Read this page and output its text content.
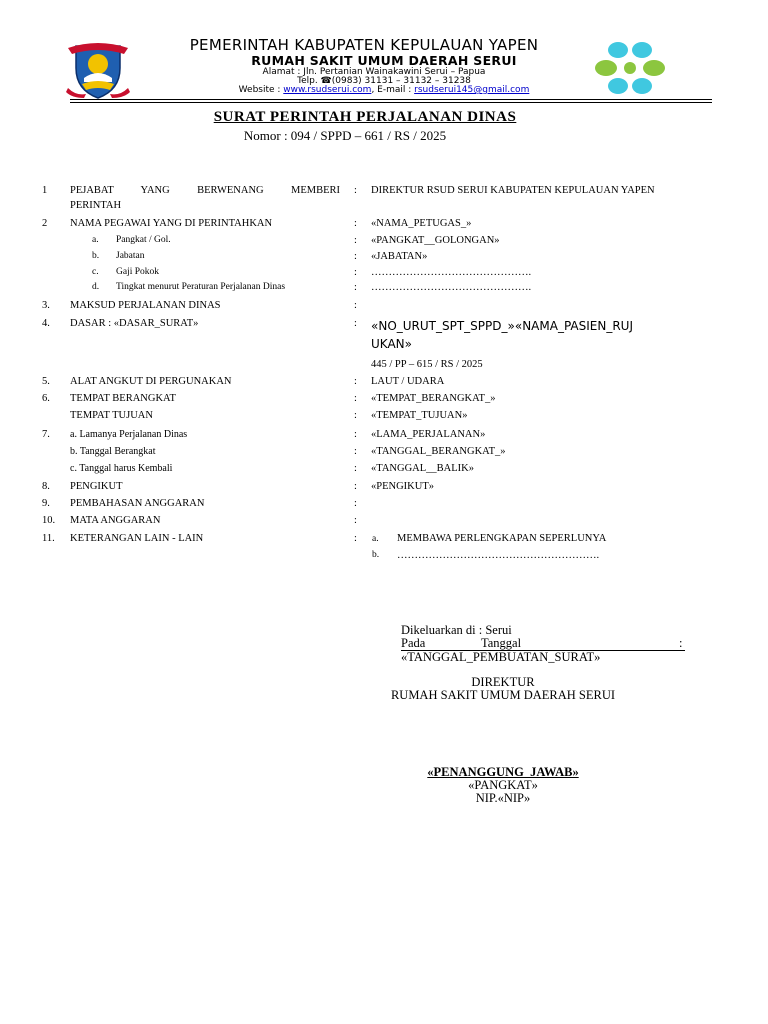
PEMERINTAH KABUPATEN KEPULAUAN YAPEN
RUMAH SAKIT UMUM DAERAH SERUI
Alamat : Jln. Pertanian Wainakawini Serui – Papua
Telp. ☎(0983) 31131 – 31132 – 31238
Website : www.rsudserui.com, E-mail : rsudserui145@gmail.com
SURAT PERINTAH PERJALANAN DINAS
Nomor : 094 / SPPD – 661 / RS / 2025
1 PEJABAT YANG BERWENANG MEMBERI
PERINTAH
: DIREKTUR RSUD SERUI KABUPATEN KEPULAUAN YAPEN
2 NAMA PEGAWAI YANG DI PERINTAHKAN	: «NAMA_PETUGAS_»
a. Pangkat / Gol.	: «PANGKAT__GOLONGAN»
b. Jabatan	: «JABATAN»
c. Gaji Pokok	: ……………………………………….
d. Tingkat menurut Peraturan Perjalanan Dinas	: ……………………………………….
3. MAKSUD PERJALANAN DINAS	:
4. DASAR : «DASAR_SURAT»	: «NO_URUT_SPT_SPPD_»«NAMA_PASIEN_RUJ
UKAN»
445 / PP – 615 / RS / 2025
5. ALAT ANGKUT DI PERGUNAKAN	: LAUT / UDARA
6. TEMPAT BERANGKAT	: «TEMPAT_BERANGKAT_»
TEMPAT TUJUAN	: «TEMPAT_TUJUAN»
7. a. Lamanya Perjalanan Dinas	: «LAMA_PERJALANAN»
b. Tanggal Berangkat	: «TANGGAL_BERANGKAT_»
c. Tanggal harus Kembali	: «TANGGAL__BALIK»
8. PENGIKUT	: «PENGIKUT»
9. PEMBAHASAN ANGGARAN	:
10. MATA ANGGARAN	:
11. KETERANGAN LAIN - LAIN	: a. MEMBAWA PERLENGKAPAN SEPERLUNYA
b. ………………………………………………….
Dikeluarkan di : Serui
Pada	Tanggal	:
«TANGGAL_PEMBUATAN_SURAT»
DIREKTUR
RUMAH SAKIT UMUM DAERAH SERUI
«PENANGGUNG_JAWAB»
«PANGKAT»
NIP.«NIP»
